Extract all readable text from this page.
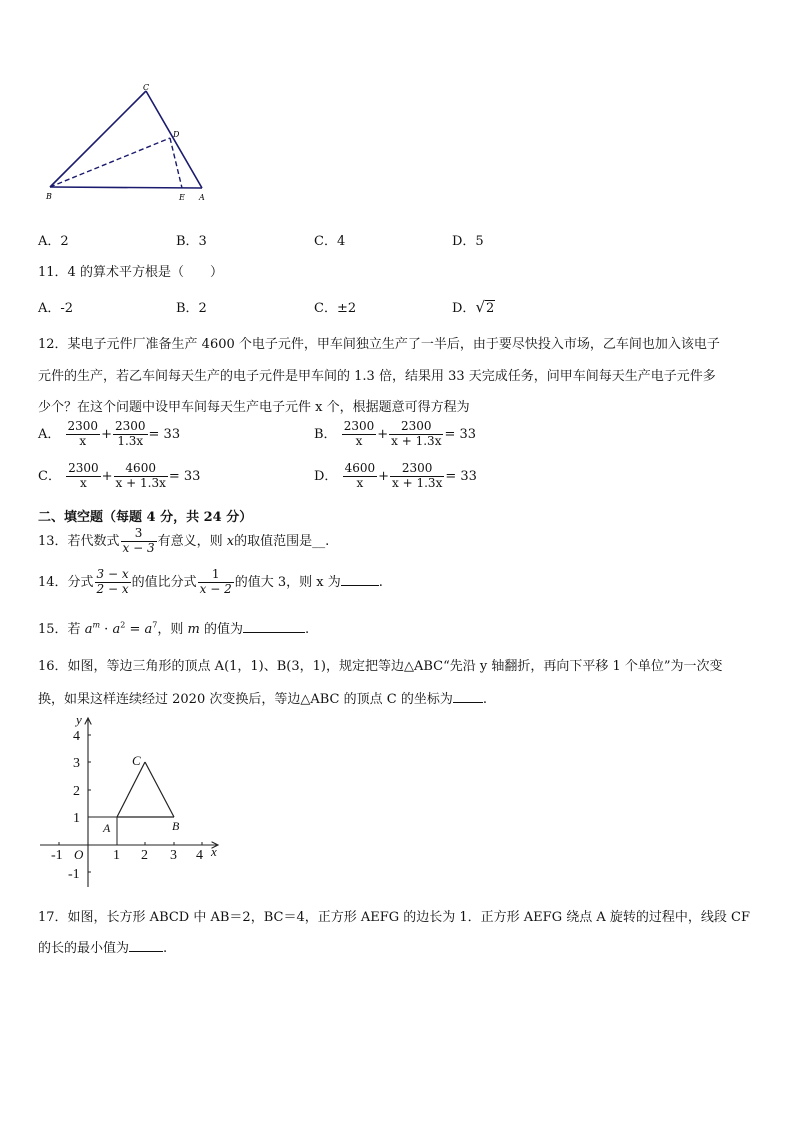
C
D
B	E A
A．2	B．3	C．4	D．5
11．4 的算术平方根是（　　）
A．-2	B．2	C．±2	D．√2
12．某电子元件厂准备生产 4600 个电子元件，甲车间独立生产了一半后，由于要尽快投入市场，乙车间也加入该电子
元件的生产，若乙车间每天生产的电子元件是甲车间的 1.3 倍，结果用 33 天完成任务，问甲车间每天生产电子元件多
少个？在这个问题中设甲车间每天生产电子元件 x 个，根据题意可得方程为
A． $\frac{2300}{x} + \frac{2300}{1.3x} = 33$	B． $\frac{2300}{x} + \frac{2300}{x + 1.3x} = 33$
C． $\frac{2300}{x} + \frac{4600}{x + 1.3x} = 33$	D． $\frac{4600}{x} + \frac{2300}{x + 1.3x} = 33$
二、填空题（每题 4 分，共 24 分）
13．若代数式 $\frac{3}{x - 3}$ 有意义，则 x的取值范围是__.
14．分式 $\frac{3 - x}{2 - x}$ 的值比分式 $\frac{1}{x - 2}$ 的值大 3，则 x 为	.
15．若 $a^m \cdot a^2 = a^7$，则 m 的值为	.
16．如图，等边三角形的顶点 A(1，1)、B(3，1)，规定把等边△ABC“先沿 y 轴翻折，再向下平移 1 个单位”为一次变
换，如果这样连续经过 2020 次变换后，等边△ABC 的顶点 C 的坐标为 .
y
x
O
4
3
2
1
-1
-1	1 2 3 4
C
A	B
17．如图，长方形 ABCD 中 AB＝2，BC＝4，正方形 AEFG 的边长为 1．正方形 AEFG 绕点 A 旋转的过程中，线段 CF
的长的最小值为	.
